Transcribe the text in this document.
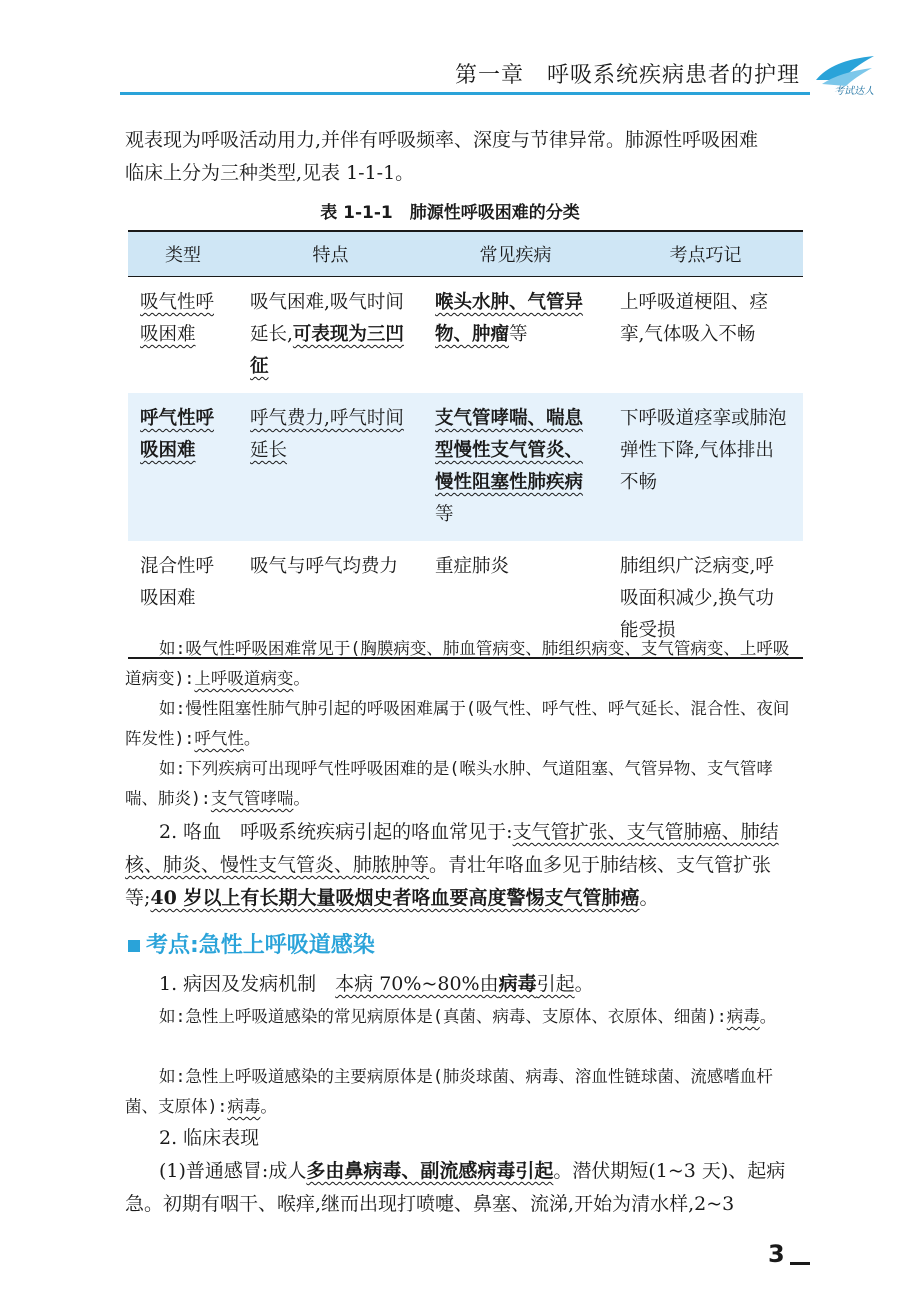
第一章　呼吸系统疾病患者的护理
考试达人

观表现为呼吸活动用力,并伴有呼吸频率、深度与节律异常。肺源性呼吸困难

临床上分为三种类型,见表 1-1-1。

表 1-1-1　肺源性呼吸困难的分类
类型	特点	常见疾病	考点巧记
吸气性呼吸困难	吸气困难,吸气时间延长,可表现为三凹征	喉头水肿、气管异物、肿瘤等	上呼吸道梗阻、痉挛,气体吸入不畅
呼气性呼吸困难	呼气费力,呼气时间延长	支气管哮喘、喘息型慢性支气管炎、慢性阻塞性肺疾病等	下呼吸道痉挛或肺泡弹性下降,气体排出不畅
混合性呼吸困难	吸气与呼气均费力	重症肺炎	肺组织广泛病变,呼吸面积减少,换气功能受损

如:吸气性呼吸困难常见于(胸膜病变、肺血管病变、肺组织病变、支气管病变、上呼吸道病变):上呼吸道病变。

如:慢性阻塞性肺气肿引起的呼吸困难属于(吸气性、呼气性、呼气延长、混合性、夜间阵发性):呼气性。

如:下列疾病可出现呼气性呼吸困难的是(喉头水肿、气道阻塞、气管异物、支气管哮喘、肺炎):支气管哮喘。

2. 咯血　呼吸系统疾病引起的咯血常见于:支气管扩张、支气管肺癌、肺结核、肺炎、慢性支气管炎、肺脓肿等。青壮年咯血多见于肺结核、支气管扩张等;40 岁以上有长期大量吸烟史者咯血要高度警惕支气管肺癌。

考点:急性上呼吸道感染

1. 病因及发病机制　本病 70%~80%由病毒引起。

如:急性上呼吸道感染的常见病原体是(真菌、病毒、支原体、衣原体、细菌):病毒。

如:急性上呼吸道感染的主要病原体是(肺炎球菌、病毒、溶血性链球菌、流感嗜血杆菌、支原体):病毒。

2. 临床表现

(1)普通感冒:成人多由鼻病毒、副流感病毒引起。潜伏期短(1~3 天)、起病急。初期有咽干、喉痒,继而出现打喷嚏、鼻塞、流涕,开始为清水样,2~3

3
